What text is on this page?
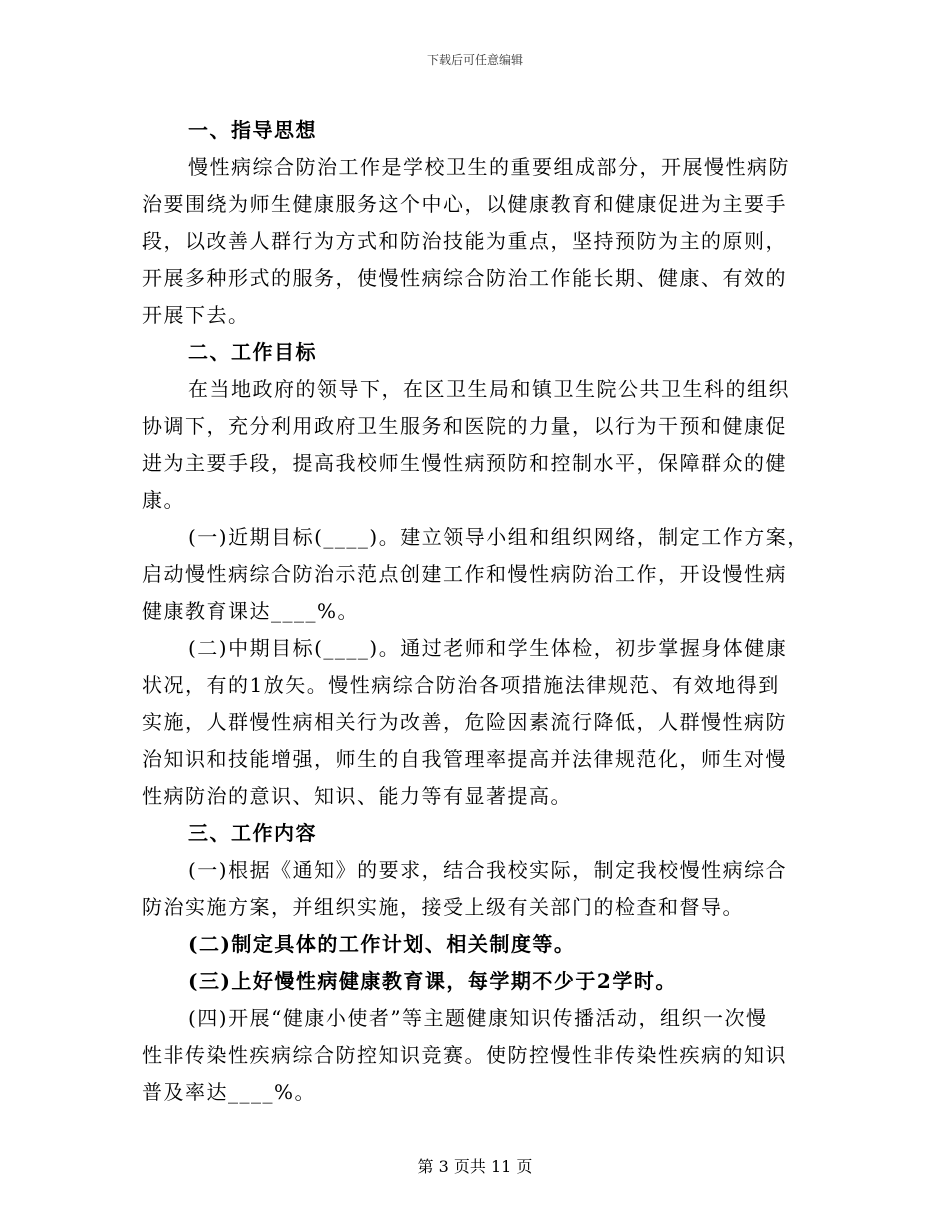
下载后可任意编辑
一、指导思想
慢性病综合防治工作是学校卫生的重要组成部分，开展慢性病防
治要围绕为师生健康服务这个中心，以健康教育和健康促进为主要手
段，以改善人群行为方式和防治技能为重点，坚持预防为主的原则，
开展多种形式的服务，使慢性病综合防治工作能长期、健康、有效的
开展下去。
二、工作目标
在当地政府的领导下，在区卫生局和镇卫生院公共卫生科的组织
协调下，充分利用政府卫生服务和医院的力量，以行为干预和健康促
进为主要手段，提高我校师生慢性病预防和控制水平，保障群众的健
康。
(一)近期目标(____)。建立领导小组和组织网络，制定工作方案，
启动慢性病综合防治示范点创建工作和慢性病防治工作，开设慢性病
健康教育课达____%。
(二)中期目标(____)。通过老师和学生体检，初步掌握身体健康
状况，有的1放矢。慢性病综合防治各项措施法律规范、有效地得到
实施，人群慢性病相关行为改善，危险因素流行降低，人群慢性病防
治知识和技能增强，师生的自我管理率提高并法律规范化，师生对慢
性病防治的意识、知识、能力等有显著提高。
三、工作内容
(一)根据《通知》的要求，结合我校实际，制定我校慢性病综合
防治实施方案，并组织实施，接受上级有关部门的检查和督导。
(二)制定具体的工作计划、相关制度等。
(三)上好慢性病健康教育课，每学期不少于2学时。
(四)开展“健康小使者”等主题健康知识传播活动，组织一次慢
性非传染性疾病综合防控知识竞赛。使防控慢性非传染性疾病的知识
普及率达____%。
第 3 页共 11 页
